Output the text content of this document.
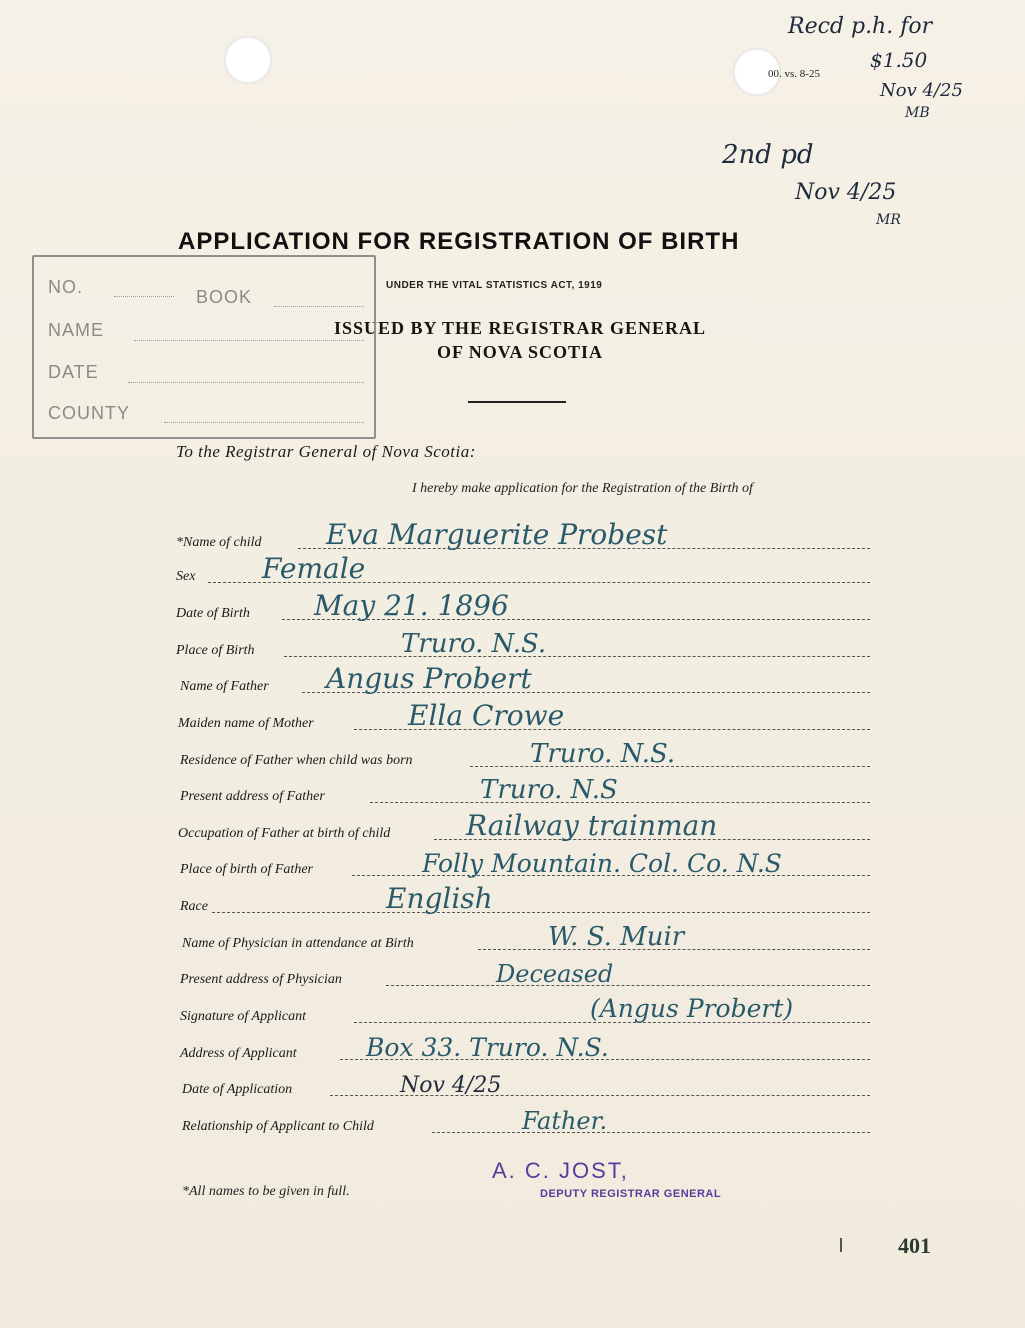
00. vs. 8-25
Recd p.h. for
$1.50
Nov 4/25
MB
2nd pd
Nov 4/25
MR
APPLICATION FOR REGISTRATION OF BIRTH
UNDER THE VITAL STATISTICS ACT, 1919
ISSUED BY THE REGISTRAR GENERAL
OF NOVA SCOTIA
NO.	BOOK
NAME
DATE
COUNTY
To the Registrar General of Nova Scotia:
I hereby make application for the Registration of the Birth of
*Name of child Eva Marguerite Probest
Sex Female
Date of Birth May 21. 1896
Place of Birth	Truro. N.S.
Name of Father Angus Probert
Maiden name of Mother	Ella Crowe
Residence of Father when child was born	Truro. N.S.
Present address of Father	Truro. N.S
Occupation of Father at birth of child	Railway trainman
Place of birth of Father	Folly Mountain. Col. Co. N.S
Race	English
Name of Physician in attendance at Birth	W. S. Muir
Present address of Physician	Deceased
Signature of Applicant	(Angus Probert)
Address of Applicant	Box 33. Truro. N.S.
Date of Application	Nov 4/25
Relationship of Applicant to Child	Father.
*All names to be given in full.
A. C. JOST,
DEPUTY REGISTRAR GENERAL
401
